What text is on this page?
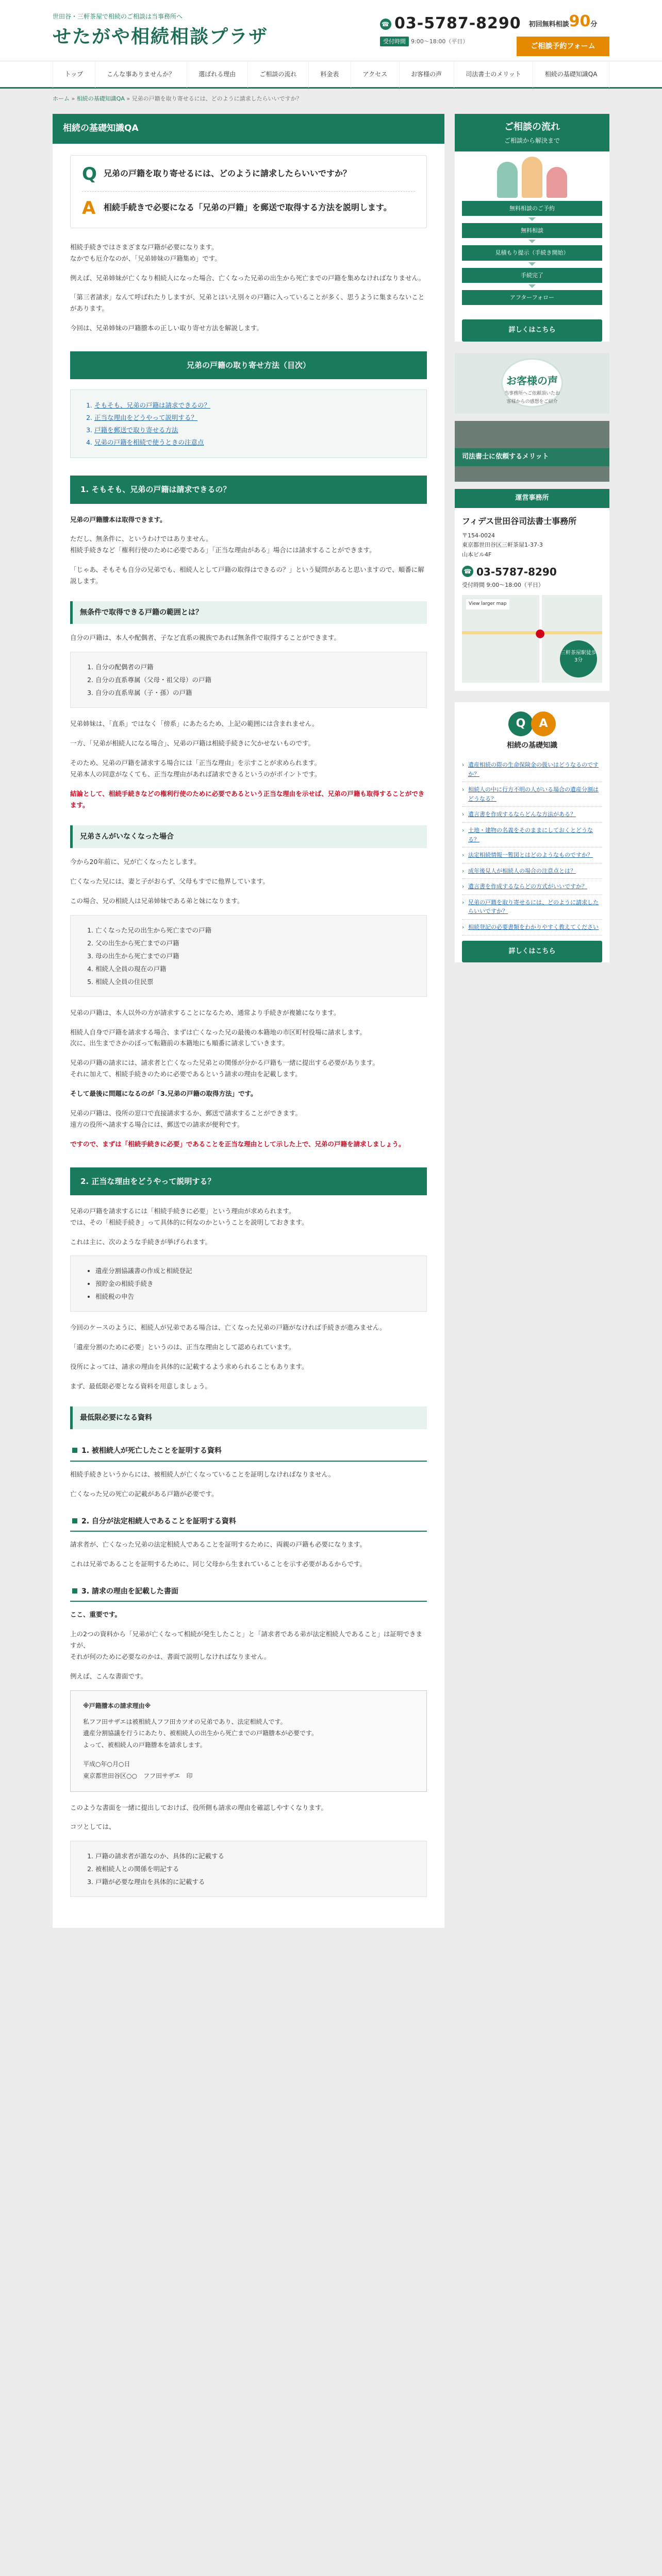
世田谷・三軒茶屋で相続のご相談は当事務所へ
せたがや相続相談プラザ
☎ 03-5787-8290
受付時間 9:00〜18:00（平日）
初回無料相談90分
ご相談予約フォーム
トップ	こんな事ありませんか？	選ばれる理由	ご相談の流れ	料金表	アクセス	お客様の声	司法書士のメリット	相続の基礎知識QA
ホーム » 相続の基礎知識QA » 兄弟の戸籍を取り寄せるには、どのように請求したらいいですか？
相続の基礎知識QA
Q 兄弟の戸籍を取り寄せるには、どのように請求したらいいですか？
A 相続手続きで必要になる「兄弟の戸籍」を郵送で取得する方法を説明します。

相続手続きではさまざまな戸籍が必要になります。
なかでも厄介なのが、「兄弟姉妹の戸籍集め」です。

例えば、兄弟姉妹が亡くなり相続人になった場合、亡くなった兄弟の出生から死亡までの戸籍を集めなければなりません。

「第三者請求」なんて呼ばれたりしますが、兄弟とはいえ別々の戸籍に入っていることが多く、思うように集まらないことがあります。

今回は、兄弟姉妹の戸籍謄本の正しい取り寄せ方法を解説します。

兄弟の戸籍の取り寄せ方法（目次）
1. そもそも、兄弟の戸籍は請求できるの？
2. 正当な理由をどうやって説明する？
3. 戸籍を郵送で取り寄せる方法
4. 兄弟の戸籍を相続で使うときの注意点
1. そもそも、兄弟の戸籍は請求できるの？

兄弟の戸籍謄本は取得できます。

ただし、無条件に、というわけではありません。
相続手続きなど「権利行使のために必要である」「正当な理由がある」場合には請求することができます。

「じゃあ、そもそも自分の兄弟でも、相続人として戸籍の取得はできるの？」という疑問があると思いますので、順番に解説します。

無条件で取得できる戸籍の範囲とは？

自分の戸籍は、本人や配偶者、子など直系の親族であれば無条件で取得することができます。

1. 自分の配偶者の戸籍
2. 自分の直系尊属（父母・祖父母）の戸籍
3. 自分の直系卑属（子・孫）の戸籍

兄弟姉妹は、「直系」ではなく「傍系」にあたるため、上記の範囲には含まれません。

一方、「兄弟が相続人になる場合」、兄弟の戸籍は相続手続きに欠かせないものです。

そのため、兄弟の戸籍を請求する場合には「正当な理由」を示すことが求められます。
兄弟本人の同意がなくても、正当な理由があれば請求できるというのがポイントです。

結論として、相続手続きなどの権利行使のために必要であるという正当な理由を示せば、兄弟の戸籍も取得することができます。

兄弟さんがいなくなった場合

今から20年前に、兄が亡くなったとします。

亡くなった兄には、妻と子がおらず、父母もすでに他界しています。

この場合、兄の相続人は兄弟姉妹である弟と妹になります。

1. 亡くなった兄の出生から死亡までの戸籍
2. 父の出生から死亡までの戸籍
3. 母の出生から死亡までの戸籍
4. 相続人全員の現在の戸籍
5. 相続人全員の住民票

兄弟の戸籍は、本人以外の方が請求することになるため、通常より手続きが複雑になります。

相続人自身で戸籍を請求する場合、まずは亡くなった兄の最後の本籍地の市区町村役場に請求します。
次に、出生までさかのぼって転籍前の本籍地にも順番に請求していきます。

兄弟の戸籍の請求には、請求者と亡くなった兄弟との関係が分かる戸籍も一緒に提出する必要があります。
それに加えて、相続手続きのために必要であるという請求の理由を記載します。

そして最後に問題になるのが「3.兄弟の戸籍の取得方法」です。

兄弟の戸籍は、役所の窓口で直接請求するか、郵送で請求することができます。
遠方の役所へ請求する場合には、郵送での請求が便利です。

ですので、まずは「相続手続きに必要」であることを正当な理由として示した上で、兄弟の戸籍を請求しましょう。

2. 正当な理由をどうやって説明する？

兄弟の戸籍を請求するには「相続手続きに必要」という理由が求められます。
では、その「相続手続き」って具体的に何なのかということを説明しておきます。

これは主に、次のような手続きが挙げられます。

• 遺産分割協議書の作成と相続登記
• 預貯金の相続手続き
• 相続税の申告

今回のケースのように、相続人が兄弟である場合は、亡くなった兄弟の戸籍がなければ手続きが進みません。

「遺産分割のために必要」というのは、正当な理由として認められています。

役所によっては、請求の理由を具体的に記載するよう求められることもあります。

まず、最低限必要となる資料を用意しましょう。

最低限必要になる資料
1. 被相続人が死亡したことを証明する資料

相続手続きというからには、被相続人が亡くなっていることを証明しなければなりません。

亡くなった兄の死亡の記載がある戸籍が必要です。

2. 自分が法定相続人であることを証明する資料

請求者が、亡くなった兄弟の法定相続人であることを証明するために、両親の戸籍も必要になります。

これは兄弟であることを証明するために、同じ父母から生まれていることを示す必要があるからです。

3. 請求の理由を記載した書面

ここ、重要です。

上の2つの資料から「兄弟が亡くなって相続が発生したこと」と「請求者である弟が法定相続人であること」は証明できますが、
それが何のために必要なのかは、書面で説明しなければなりません。

例えば、こんな書面です。

※戸籍謄本の請求理由※
私フフ田サザエは被相続人フフ田カツオの兄弟であり、法定相続人です。
遺産分割協議を行うにあたり、被相続人の出生から死亡までの戸籍謄本が必要です。
よって、被相続人の戸籍謄本を請求します。
平成○年○月○日
東京都世田谷区○○　フフ田サザエ　印

このような書面を一緒に提出しておけば、役所側も請求の理由を確認しやすくなります。

コツとしては、

1. 戸籍の請求者が誰なのか、具体的に記載する
2. 被相続人との関係を明記する
3. 戸籍が必要な理由を具体的に記載する
ご相談の流れ
ご相談から解決まで
無料相談のご予約
無料相談
見積もり提示（手続き開始）
手続完了
アフターフォロー
詳しくはこちら
お客様の声
当事務所へご依頼頂いたお客様からの感想をご紹介
司法書士に依頼するメリット
運営事務所
フィデス世田谷司法書士事務所
〒154-0024
東京都世田谷区三軒茶屋1-37-3
山本ビル4F
☎ 03-5787-8290
受付時間 9:00〜18:00（平日）
View larger map
●
三軒茶屋駅徒歩3分
Q A
相続の基礎知識
› 遺産相続の際の生命保険金の扱いはどうなるのですか？
› 相続人の中に行方不明の人がいる場合の遺産分割はどうなる？
› 遺言書を作成するならどんな方法がある？
› 土地・建物の名義をそのままにしておくとどうなる？
› 法定相続情報一覧図とはどのようなものですか？
› 成年後見人が相続人の場合の注意点とは？
› 遺言書を作成するならどの方式がいいですか？
› 兄弟の戸籍を取り寄せるには、どのように請求したらいいですか？
› 相続登記の必要書類をわかりやすく教えてください
詳しくはこちら
